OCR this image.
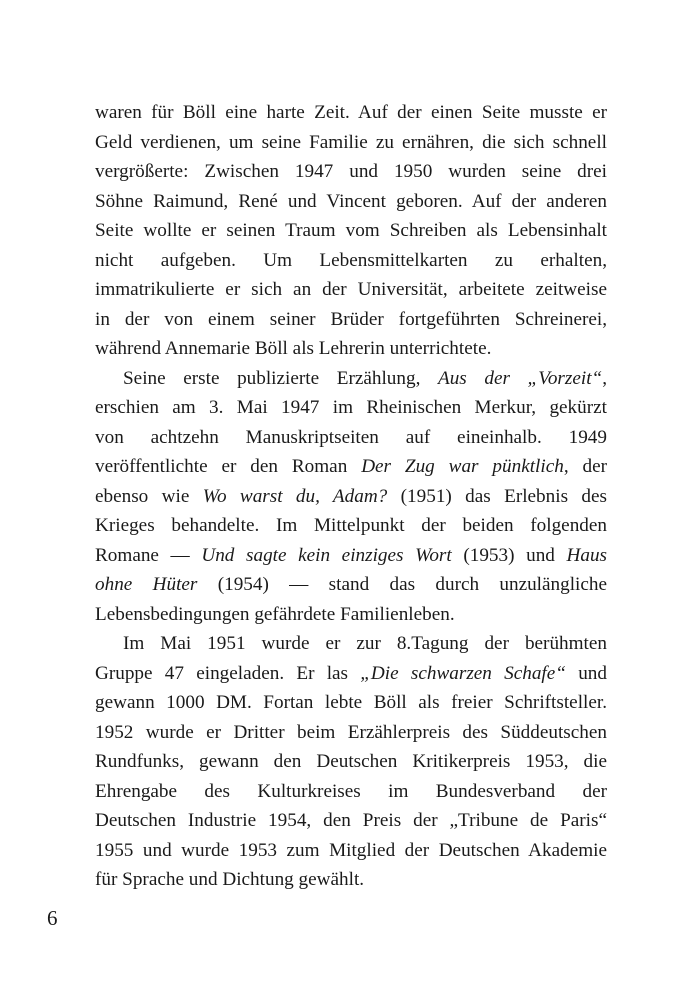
waren für Böll eine harte Zeit. Auf der einen Seite musste er
Geld verdienen, um seine Familie zu ernähren, die sich schnell
vergrößerte: Zwischen 1947 und 1950 wurden seine drei
Söhne Raimund, René und Vincent geboren. Auf der anderen
Seite wollte er seinen Traum vom Schreiben als Lebensinhalt
nicht aufgeben. Um Lebensmittelkarten zu erhalten,
immatrikulierte er sich an der Universität, arbeitete zeitweise
in der von einem seiner Brüder fortgeführten Schreinerei,
während Annemarie Böll als Lehrerin unterrichtete.

Seine erste publizierte Erzählung, Aus der „Vorzeit“,
erschien am 3. Mai 1947 im Rheinischen Merkur, gekürzt
von achtzehn Manuskriptseiten auf eineinhalb. 1949
veröffentlichte er den Roman Der Zug war pünktlich, der
ebenso wie Wo warst du, Adam? (1951) das Erlebnis des
Krieges behandelte. Im Mittelpunkt der beiden folgenden
Romane — Und sagte kein einziges Wort (1953) und Haus
ohne Hüter (1954) — stand das durch unzulängliche
Lebensbedingungen gefährdete Familienleben.

Im Mai 1951 wurde er zur 8.Tagung der berühmten
Gruppe 47 eingeladen. Er las „Die schwarzen Schafe“ und
gewann 1000 DM. Fortan lebte Böll als freier Schriftsteller.
1952 wurde er Dritter beim Erzählerpreis des Süddeutschen
Rundfunks, gewann den Deutschen Kritikerpreis 1953, die
Ehrengabe des Kulturkreises im Bundesverband der
Deutschen Industrie 1954, den Preis der „Tribune de Paris“
1955 und wurde 1953 zum Mitglied der Deutschen Akademie
für Sprache und Dichtung gewählt.

6
